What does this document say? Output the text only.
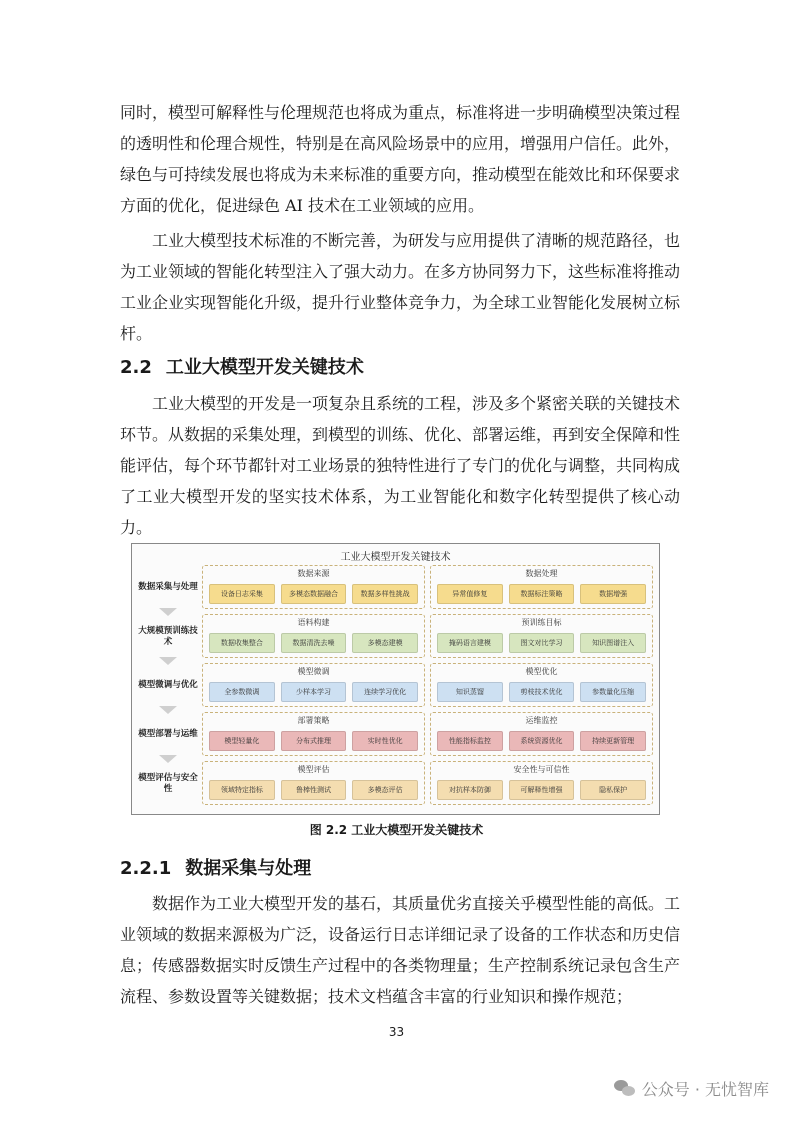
同时，模型可解释性与伦理规范也将成为重点，标准将进一步明确模型决策过程的透明性和伦理合规性，特别是在高风险场景中的应用，增强用户信任。此外，绿色与可持续发展也将成为未来标准的重要方向，推动模型在能效比和环保要求方面的优化，促进绿色 AI 技术在工业领域的应用。

工业大模型技术标准的不断完善，为研发与应用提供了清晰的规范路径，也为工业领域的智能化转型注入了强大动力。在多方协同努力下，这些标准将推动工业企业实现智能化升级，提升行业整体竞争力，为全球工业智能化发展树立标杆。

2.2 工业大模型开发关键技术

工业大模型的开发是一项复杂且系统的工程，涉及多个紧密关联的关键技术环节。从数据的采集处理，到模型的训练、优化、部署运维，再到安全保障和性能评估，每个环节都针对工业场景的独特性进行了专门的优化与调整，共同构成了工业大模型开发的坚实技术体系，为工业智能化和数字化转型提供了核心动力。

工业大模型开发关键技术
数据采集与处理
数据来源
设备日志采集	多模态数据融合	数据多样性挑战
数据处理
异常值修复	数据标注策略	数据增强
大规模预训练技术
语料构建
数据收集整合	数据清洗去噪	多模态建模
预训练目标
掩码语言建模	图文对比学习	知识图谱注入
模型微调与优化
模型微调
全参数微调	少样本学习	连续学习优化
模型优化
知识蒸馏	剪枝技术优化	参数量化压缩
模型部署与运维
部署策略
模型轻量化	分布式推理	实时性优化
运维监控
性能指标监控	系统资源优化	持续更新管理
模型评估与安全性
模型评估
领域特定指标	鲁棒性测试	多模态评估
安全性与可信性
对抗样本防御	可解释性增强	隐私保护
图 2.2 工业大模型开发关键技术
2.2.1 数据采集与处理

数据作为工业大模型开发的基石，其质量优劣直接关乎模型性能的高低。工业领域的数据来源极为广泛，设备运行日志详细记录了设备的工作状态和历史信息；传感器数据实时反馈生产过程中的各类物理量；生产控制系统记录包含生产流程、参数设置等关键数据；技术文档蕴含丰富的行业知识和操作规范；

33
公众号 · 无忧智库
